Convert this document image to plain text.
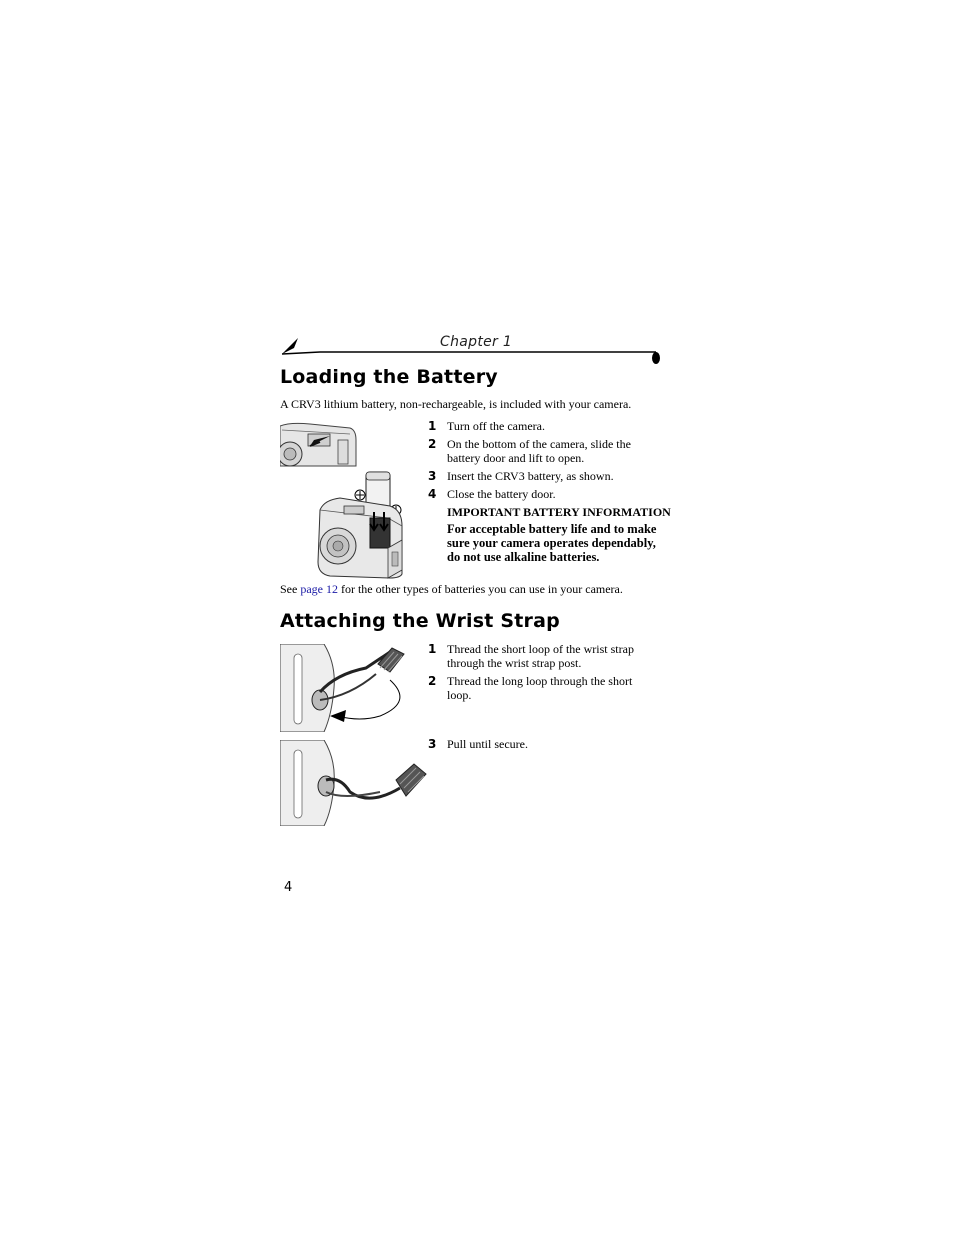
Chapter 1
Loading the Battery
A CRV3 lithium battery, non-rechargeable, is included with your camera.
1 Turn off the camera.
2 On the bottom of the camera, slide the battery door and lift to open.
3 Insert the CRV3 battery, as shown.
4 Close the battery door.
IMPORTANT BATTERY INFORMATION
For acceptable battery life and to make sure your camera operates dependably, do not use alkaline batteries.
See page 12 for the other types of batteries you can use in your camera.
Attaching the Wrist Strap
1 Thread the short loop of the wrist strap through the wrist strap post.
2 Thread the long loop through the short loop.
3 Pull until secure.
4
